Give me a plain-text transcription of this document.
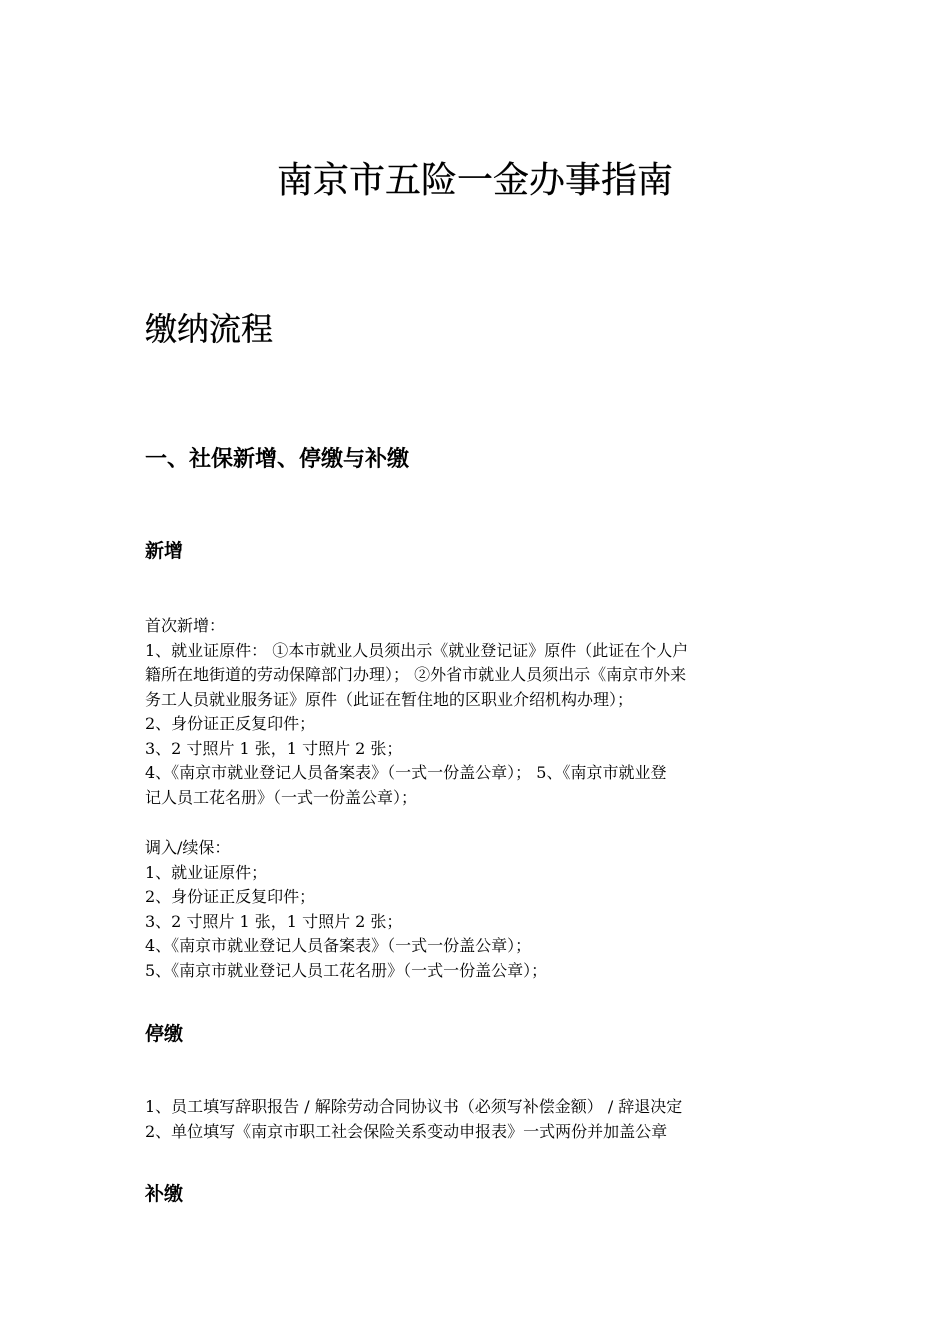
南京市五险一金办事指南
缴纳流程
一、社保新增、停缴与补缴
新增

首次新增：

1、就业证原件： ①本市就业人员须出示《就业登记证》原件（此证在个人户

籍所在地街道的劳动保障部门办理）； ②外省市就业人员须出示《南京市外来

务工人员就业服务证》原件（此证在暂住地的区职业介绍机构办理）；

2、身份证正反复印件；

3、2 寸照片 1 张，1 寸照片 2 张；

4、《南京市就业登记人员备案表》（一式一份盖公章）； 5、《南京市就业登

记人员工花名册》（一式一份盖公章）；

调入/续保：

1、就业证原件；

2、身份证正反复印件；

3、2 寸照片 1 张，1 寸照片 2 张；

4、《南京市就业登记人员备案表》（一式一份盖公章）；

5、《南京市就业登记人员工花名册》（一式一份盖公章）；

停缴

1、员工填写辞职报告 / 解除劳动合同协议书（必须写补偿金额） / 辞退决定

2、单位填写《南京市职工社会保险关系变动申报表》一式两份并加盖公章

补缴
